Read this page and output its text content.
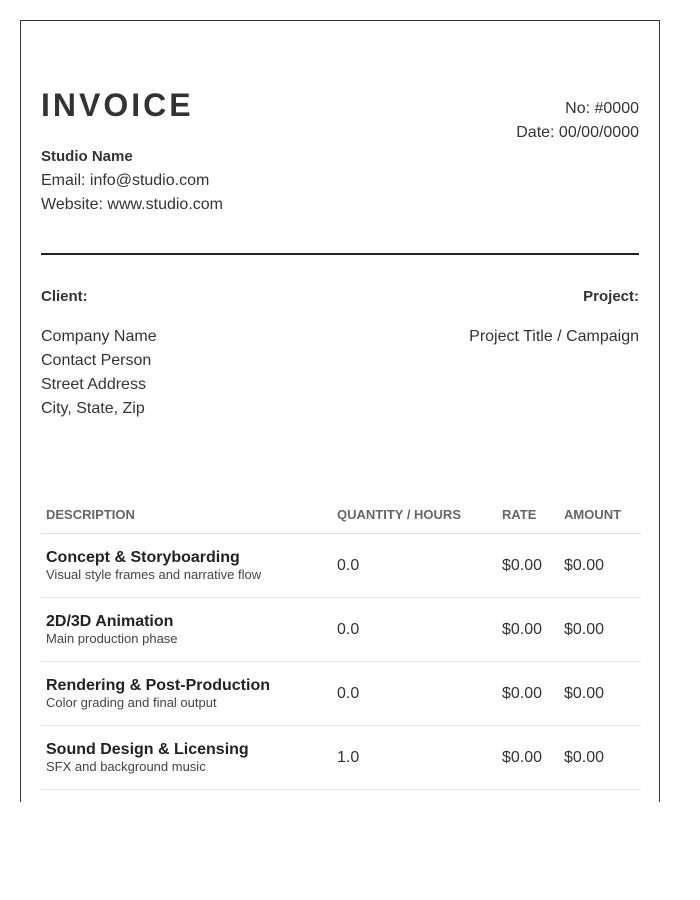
INVOICE	No: #0000
Date: 00/00/0000
Studio Name
Email: info@studio.com
Website: www.studio.com
Client:
Company Name
Contact Person
Street Address
City, State, Zip
Project:
Project Title / Campaign
DESCRIPTION	QUANTITY / HOURS	RATE	AMOUNT

Concept & Storyboarding
Visual style frames and narrative flow	0.0	$0.00	$0.00

2D/3D Animation
Main production phase	0.0	$0.00	$0.00

Rendering & Post-Production
Color grading and final output	0.0	$0.00	$0.00

Sound Design & Licensing
SFX and background music	1.0	$0.00	$0.00
